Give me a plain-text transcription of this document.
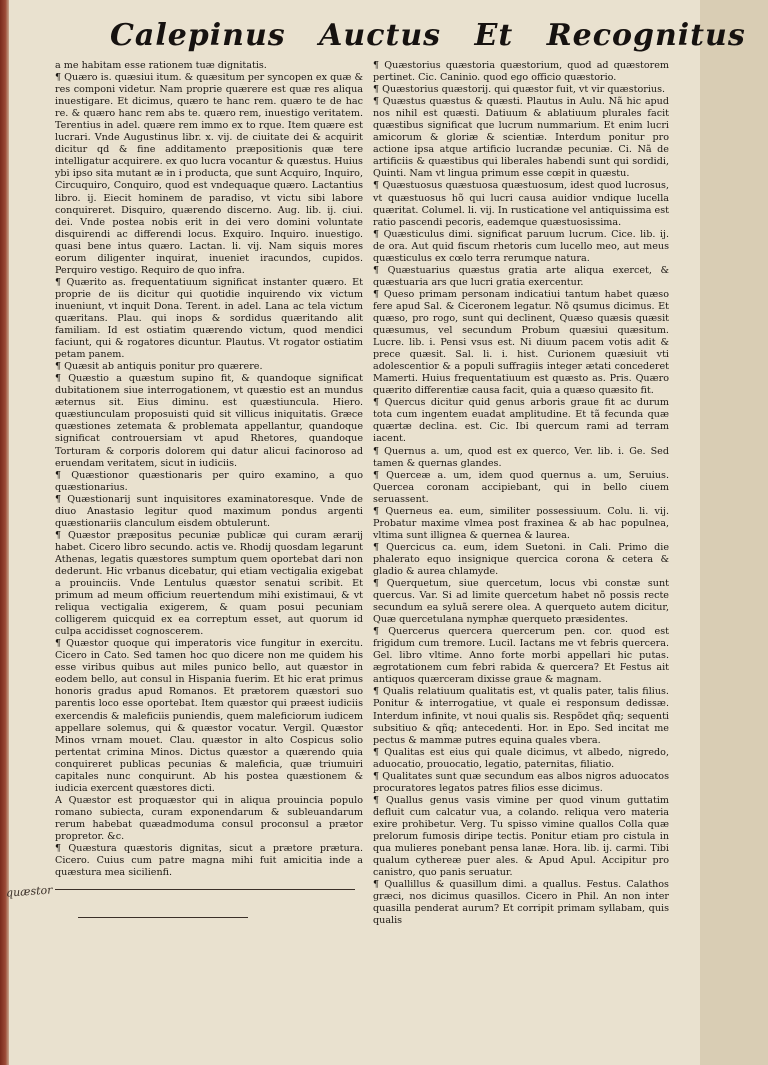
Calepinus Auctus Et Recognitus

a me habitam esse rationem tuæ dignitatis.

¶ Quæro is. quæsiui itum. & quæsitum per syncopen ex quæ & res componi videtur. Nam proprie quærere est quæ res aliqua inuestigare. Et dicimus, quæro te hanc rem. quæro te de hac re. & quæro hanc rem abs te. quæro rem, inuestigo veritatem. Terentius in adel. quære rem immo ex to rque. Item quære est lucrari. Vnde Augustinus libr. x. vij. de ciuitate dei & acquirit dicitur qd & fine additamento præpositionis quæ tere intelligatur acquirere. ex quo lucra vocantur & quæstus. Huius ybi ipso sita mutant æ in i producta, que sunt Acquiro, Inquiro, Circuquiro, Conquiro, quod est vndequaque quæro. Lactantius libro. ij. Eiecit hominem de paradiso, vt victu sibi labore conquireret. Disquiro, quærendo discerno. Aug. lib. ij. ciui. dei. Vnde postea nobis erit in dei vero domini voluntate disquirendi ac differendi locus. Exquiro. Inquiro. inuestigo. quasi bene intus quæro. Lactan. li. vij. Nam siquis mores eorum diligenter inquirat, inueniet iracundos, cupidos. Perquiro vestigo. Requiro de quo infra.

¶ Quærito as. frequentatiuum significat instanter quæro. Et proprie de iis dicitur qui quotidie inquirendo vix victum inueniunt, vt inquit Dona. Terent. in adel. Lana ac tela victum quæritans. Plau. qui inops & sordidus quæritando alit familiam. Id est ostiatim quærendo victum, quod mendici faciunt, qui & rogatores dicuntur. Plautus. Vt rogator ostiatim petam panem.

¶ Quæsit ab antiquis ponitur pro quærere.

¶ Quæstio a quæstum supino fit, & quandoque significat dubitationem siue interrogationem, vt quæstio est an mundus æternus sit. Eius diminu. est quæstiuncula. Hiero. quæstiunculam proposuisti quid sit villicus iniquitatis. Græce quæstiones zetemata & problemata appellantur, quandoque significat controuersiam vt apud Rhetores, quandoque Torturam & corporis dolorem qui datur alicui facinoroso ad eruendam veritatem, sicut in iudiciis.

¶ Quæstionor quæstionaris per quiro examino, a quo quæstionarius.

¶ Quæstionarij sunt inquisitores examinatoresque. Vnde de diuo Anastasio legitur quod maximum pondus argenti quæstionariis clanculum eisdem obtulerunt.

¶ Quæstor præpositus pecuniæ publicæ qui curam ærarij habet. Cicero libro secundo. actis ve. Rhodij quosdam legarunt Athenas, legatis quæstores sumptum quem oportebat dari non dederunt. Hic vrbanus dicebatur, qui etiam vectigalia exigebat a prouinciis. Vnde Lentulus quæstor senatui scribit. Et primum ad meum officium reuertendum mihi existimaui, & vt reliqua vectigalia exigerem, & quam posui pecuniam colligerem quicquid ex ea correptum esset, aut quorum id culpa accidisset cognoscerem.

¶ Quæstor quoque qui imperatoris vice fungitur in exercitu. Cicero in Cato. Sed tamen hoc quo dicere non me quidem his esse viribus quibus aut miles punico bello, aut quæstor in eodem bello, aut consul in Hispania fuerim. Et hic erat primus honoris gradus apud Romanos. Et prætorem quæstori suo parentis loco esse oportebat. Item quæstor qui præest iudiciis exercendis & maleficiis puniendis, quem maleficiorum iudicem appellare solemus, qui & quæstor vocatur. Vergil. Quæstor Minos vrnam mouet. Clau. quæstor in alto Cospicus solio pertentat crimina Minos. Dictus quæstor a quærendo quia conquireret publicas pecunias & maleficia, quæ triumuiri capitales nunc conquirunt. Ab his postea quæstionem & iudicia exercent quæstores dicti.

A Quæstor est proquæstor qui in aliqua prouincia populo romano subiecta, curam exponendarum & subleuandarum rerum habebat quæadmoduma consul proconsul a prætor propretor. &c.

¶ Quæstura quæstoris dignitas, sicut a prætore prætura. Cicero. Cuius cum patre magna mihi fuit amicitia inde a quæstura mea sicilienfi.

¶ Quæstorius quæstoria quæstorium, quod ad quæstorem pertinet. Cic. Caninio. quod ego officio quæstorio.

¶ Quæstorius quæstorij. qui quæstor fuit, vt vir quæstorius.

¶ Quæstus quæstus & quæsti. Plautus in Aulu. Nã hic apud nos nihil est quæsti. Datiuum & ablatiuum plurales facit quæstibus significat que lucrum nummarium. Et enim lucri amicorum & gloriæ & scientiæ. Interdum ponitur pro actione ipsa atque artificio lucrandæ pecuniæ. Ci. Nã de artificiis & quæstibus qui liberales habendi sunt qui sordidi, Quinti. Nam vt lingua primum esse cœpit in quæstu.

¶ Quæstuosus quæstuosa quæstuosum, idest quod lucrosus, vt quæstuosus hõ qui lucri causa auidior vndique lucella quæritat. Columel. li. vij. In rusticatione vel antiquissima est ratio pascendi pecoris, eademque quæstuosissima.

¶ Quæsticulus dimi. significat paruum lucrum. Cice. lib. ij. de ora. Aut quid fiscum rhetoris cum lucello meo, aut meus quæsticulus ex cœlo terra rerumque natura.

¶ Quæstuarius quæstus gratia arte aliqua exercet, & quæstuaria ars que lucri gratia exercentur.

¶ Queso primam personam indicatiui tantum habet quæso fere apud Sal. & Ciceronem legatur. Nõ qsumus dicimus. Et quæso, pro rogo, sunt qui declinent, Quæso quæsis quæsit quæsumus, vel secundum Probum quæsiui quæsitum. Lucre. lib. i. Pensi vsus est. Ni diuum pacem votis adit & prece quæsit. Sal. li. i. hist. Curionem quæsiuit vti adolescentior & a populi suffragiis integer ætati concederet Mamerti. Huius frequentatiuum est quæsto as. Pris. Quæro quærito differentiæ causa facit, quia a quæso quæsito fit.

¶ Quercus dicitur quid genus arboris graue fit ac durum tota cum ingentem euadat amplitudine. Et tã fecunda quæ quærtæ declina. est. Cic. Ibi quercum rami ad terram iacent.

¶ Quernus a. um, quod est ex querco, Ver. lib. i. Ge. Sed tamen & quernas glandes.

¶ Querceæ a. um, idem quod quernus a. um, Seruius. Quercea coronam accipiebant, qui in bello ciuem seruassent.

¶ Querneus ea. eum, similiter possessiuum. Colu. li. vij. Probatur maxime vlmea post fraxinea & ab hac populnea, vltima sunt illignea & quernea & laurea.

¶ Quercicus ca. eum, idem Suetoni. in Cali. Primo die phalerato equo insignique quercica corona & cetera & gladio & aurea chlamyde.

¶ Querquetum, siue quercetum, locus vbi constæ sunt quercus. Var. Si ad limite quercetum habet nõ possis recte secundum ea syluã serere olea. A querqueto autem dicitur, Quæ quercetulana nymphæ querqueto præsidentes.

¶ Quercerus quercera quercerum pen. cor. quod est frigidum cum tremore. Lucil. Iactans me vt febris quercera. Gel. libro vltime. Anno forte morbi appellari hic putas. ægrotationem cum febri rabida & quercera? Et Festus ait antiquos quærceram dixisse graue & magnam.

¶ Qualis relatiuum qualitatis est, vt qualis pater, talis filius. Ponitur & interrogatiue, vt quale ei responsum dedissæ. Interdum infinite, vt noui qualis sis. Respõdet qñq; sequenti subsitiuo & qñq; antecedenti. Hor. in Epo. Sed incitat me pectus & mammæ putres equina quales vbera.

¶ Qualitas est eius qui quale dicimus, vt albedo, nigredo, aduocatio, prouocatio, legatio, paternitas, filiatio.

¶ Qualitates sunt quæ secundum eas albos nigros aduocatos procuratores legatos patres filios esse dicimus.

¶ Quallus genus vasis vimine per quod vinum guttatim defluit cum calcatur vua, a colando. reliqua vero materia exire prohibetur. Verg. Tu spisso vimine quallos Colla quæ prelorum fumosis diripe tectis. Ponitur etiam pro cistula in qua mulieres ponebant pensa lanæ. Hora. lib. ij. carmi. Tibi qualum cythereæ puer ales. & Apud Apul. Accipitur pro canistro, quo panis seruatur.

¶ Quallillus & quasillum dimi. a quallus. Festus. Calathos græci, nos dicimus quasillos. Cicero in Phil. An non inter quasilla penderat aurum? Et corripit primam syllabam, quis qualis

quæstor
